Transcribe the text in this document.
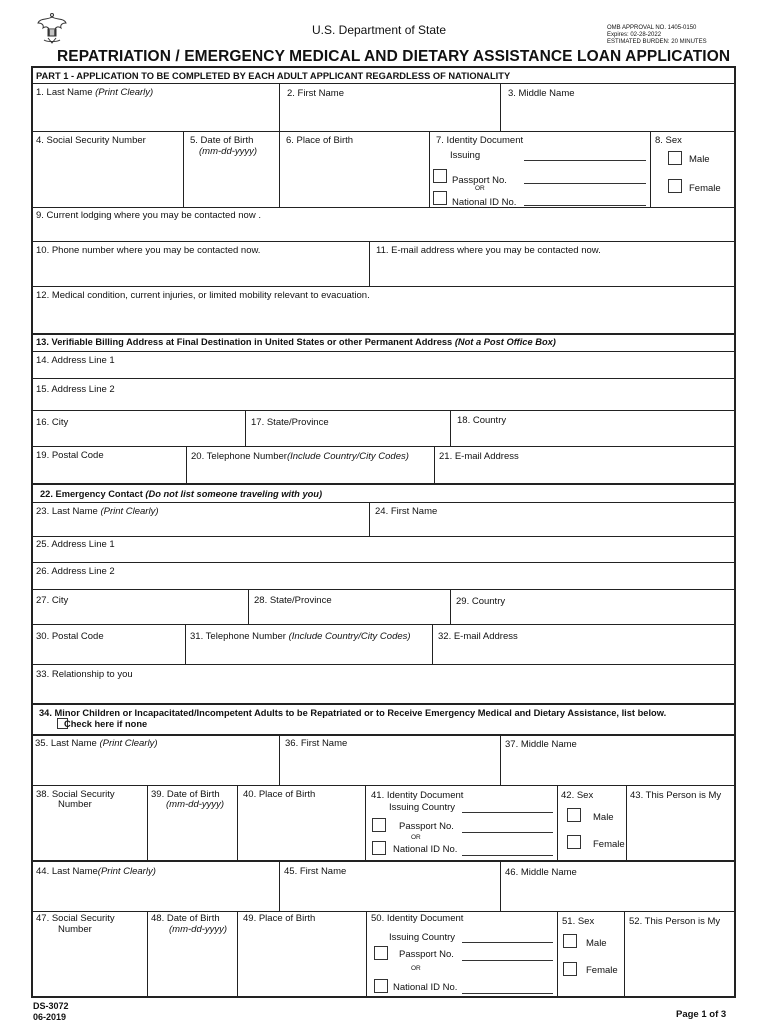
U.S. Department of State	OMB APPROVAL NO. 1405-0150
Expires: 02-28-2022
ESTIMATED BURDEN: 20 MINUTES
REPATRIATION / EMERGENCY MEDICAL AND DIETARY ASSISTANCE LOAN APPLICATION
PART 1 - APPLICATION TO BE COMPLETED BY EACH ADULT APPLICANT REGARDLESS OF NATIONALITY
1. Last Name (Print Clearly)	2. First Name	3. Middle Name
4. Social Security Number	5. Date of Birth
(mm-dd-yyyy)
6. Place of Birth	7. Identity Document
Issuing
Passport No.
OR
National ID No.
8. Sex
Male
Female
9. Current lodging where you may be contacted now .
10. Phone number where you may be contacted now.	11. E-mail address where you may be contacted now.
12. Medical condition, current injuries, or limited mobility relevant to evacuation.
13. Verifiable Billing Address at Final Destination in United States or other Permanent Address (Not a Post Office Box)
14. Address Line 1
15. Address Line 2
16. City	17. State/Province	18. Country
19. Postal Code	20. Telephone Number(Include Country/City Codes)	21. E-mail Address
22. Emergency Contact (Do not list someone traveling with you)
23. Last Name (Print Clearly)	24. First Name
25. Address Line 1
26. Address Line 2
27. City	28. State/Province	29. Country
30. Postal Code	31. Telephone Number (Include Country/City Codes)	32. E-mail Address
33. Relationship to you
34. Minor Children or Incapacitated/Incompetent Adults to be Repatriated or to Receive Emergency Medical and Dietary Assistance, list below.
Check here if none
35. Last Name (Print Clearly)	36. First Name	37. Middle Name
38. Social Security
Number
39. Date of Birth
(mm-dd-yyyy)
40. Place of Birth	41. Identity Document
Issuing Country
Passport No.
OR
National ID No.
42. Sex
Male
Female
43. This Person is My
44. Last Name(Print Clearly)	45. First Name	46. Middle Name
47. Social Security
Number
48. Date of Birth
(mm-dd-yyyy)
49. Place of Birth	50. Identity Document
Issuing Country
Passport No.
OR
National ID No.
51. Sex
Male
Female
52. This Person is My
DS-3072
06-2019	Page 1 of 3
